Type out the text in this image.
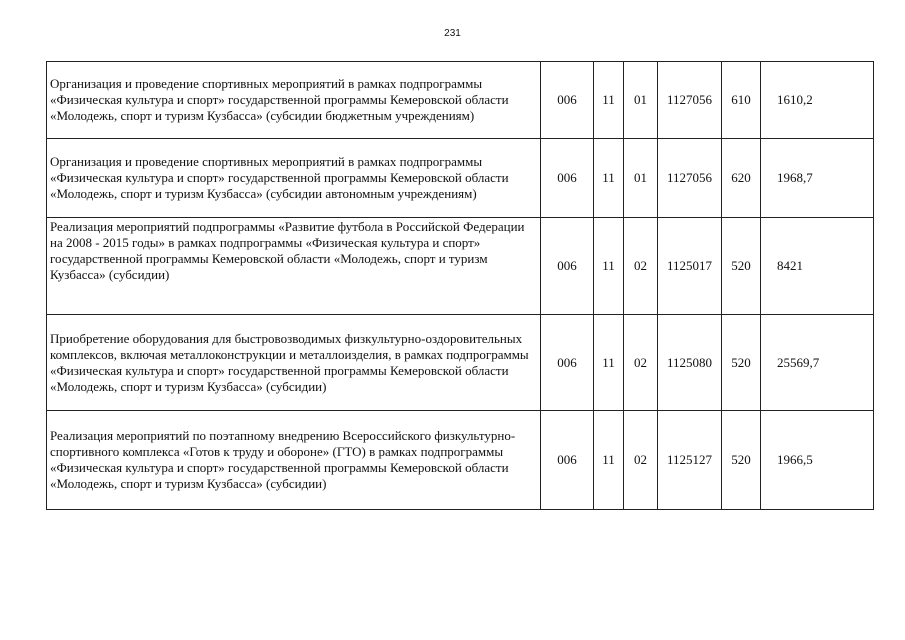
231
Организация и проведение спортивных мероприятий в рамках подпрограммы «Физическая культура и спорт» государственной программы Кемеровской области «Молодежь, спорт и туризм Кузбасса» (субсидии бюджетным учреждениям)	006	11	01	1127056	610	1610,2
Организация и проведение спортивных мероприятий в рамках подпрограммы «Физическая культура и спорт» государственной программы Кемеровской области «Молодежь, спорт и туризм Кузбасса» (субсидии автономным учреждениям)	006	11	01	1127056	620	1968,7
Реализация мероприятий подпрограммы «Развитие футбола в Российской Федерации на 2008 - 2015 годы» в рамках подпрограммы «Физическая культура и спорт» государственной программы Кемеровской области «Молодежь, спорт и туризм Кузбасса» (субсидии)	006	11	02	1125017	520	8421
Приобретение оборудования для быстровозводимых физкультурно-оздоровительных комплексов, включая металлоконструкции и металлоизделия, в рамках подпрограммы «Физическая культура и спорт» государственной программы Кемеровской области «Молодежь, спорт и туризм Кузбасса» (субсидии)	006	11	02	1125080	520	25569,7
Реализация мероприятий по поэтапному внедрению Всероссийского физкультурно-спортивного комплекса «Готов к труду и обороне» (ГТО) в рамках подпрограммы «Физическая культура и спорт» государственной программы Кемеровской области «Молодежь, спорт и туризм Кузбасса» (субсидии)	006	11	02	1125127	520	1966,5
